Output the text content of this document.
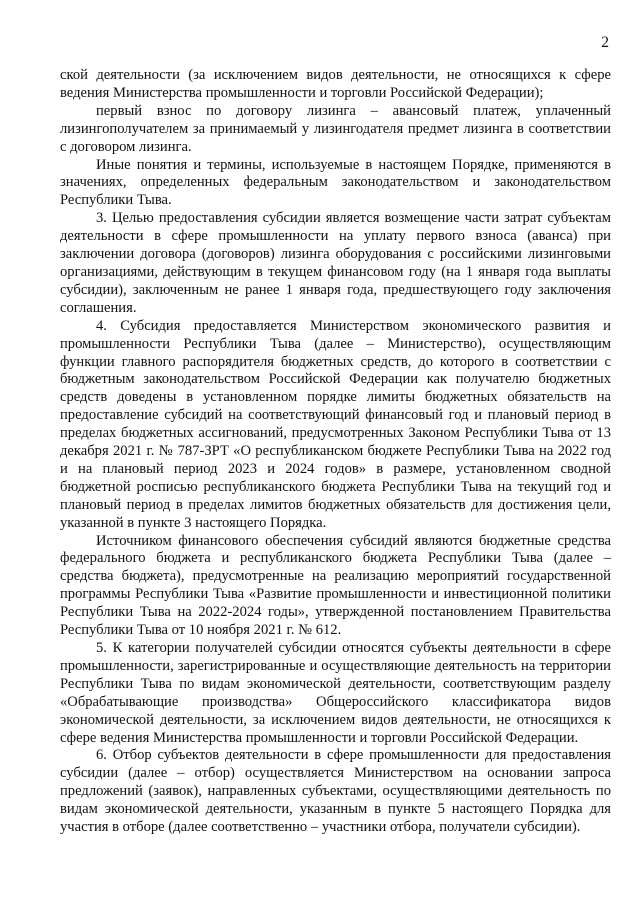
2

ской деятельности (за исключением видов деятельности, не относящихся к сфере ведения Министерства промышленности и торговли Российской Федерации);

первый взнос по договору лизинга – авансовый платеж, уплаченный лизингополучателем за принимаемый у лизингодателя предмет лизинга в соответствии с договором лизинга.

Иные понятия и термины, используемые в настоящем Порядке, применяются в значениях, определенных федеральным законодательством и законодательством Республики Тыва.

3. Целью предоставления субсидии является возмещение части затрат субъектам деятельности в сфере промышленности на уплату первого взноса (аванса) при заключении договора (договоров) лизинга оборудования с российскими лизинговыми организациями, действующим в текущем финансовом году (на 1 января года выплаты субсидии), заключенным не ранее 1 января года, предшествующего году заключения соглашения.

4. Субсидия предоставляется Министерством экономического развития и промышленности Республики Тыва (далее – Министерство), осуществляющим функции главного распорядителя бюджетных средств, до которого в соответствии с бюджетным законодательством Российской Федерации как получателю бюджетных средств доведены в установленном порядке лимиты бюджетных обязательств на предоставление субсидий на соответствующий финансовый год и плановый период в пределах бюджетных ассигнований, предусмотренных Законом Республики Тыва от 13 декабря 2021 г. № 787-ЗРТ «О республиканском бюджете Республики Тыва на 2022 год и на плановый период 2023 и 2024 годов» в размере, установленном сводной бюджетной росписью республиканского бюджета Республики Тыва на текущий год и плановый период в пределах лимитов бюджетных обязательств для достижения цели, указанной в пункте 3 настоящего Порядка.

Источником финансового обеспечения субсидий являются бюджетные средства федерального бюджета и республиканского бюджета Республики Тыва (далее – средства бюджета), предусмотренные на реализацию мероприятий государственной программы Республики Тыва «Развитие промышленности и инвестиционной политики Республики Тыва на 2022-2024 годы», утвержденной постановлением Правительства Республики Тыва от 10 ноября 2021 г. № 612.

5. К категории получателей субсидии относятся субъекты деятельности в сфере промышленности, зарегистрированные и осуществляющие деятельность на территории Республики Тыва по видам экономической деятельности, соответствующим разделу «Обрабатывающие производства» Общероссийского классификатора видов экономической деятельности, за исключением видов деятельности, не относящихся к сфере ведения Министерства промышленности и торговли Российской Федерации.

6. Отбор субъектов деятельности в сфере промышленности для предоставления субсидии (далее – отбор) осуществляется Министерством на основании запроса предложений (заявок), направленных субъектами, осуществляющими деятельность по видам экономической деятельности, указанным в пункте 5 настоящего Порядка для участия в отборе (далее соответственно – участники отбора, получатели субсидии).
